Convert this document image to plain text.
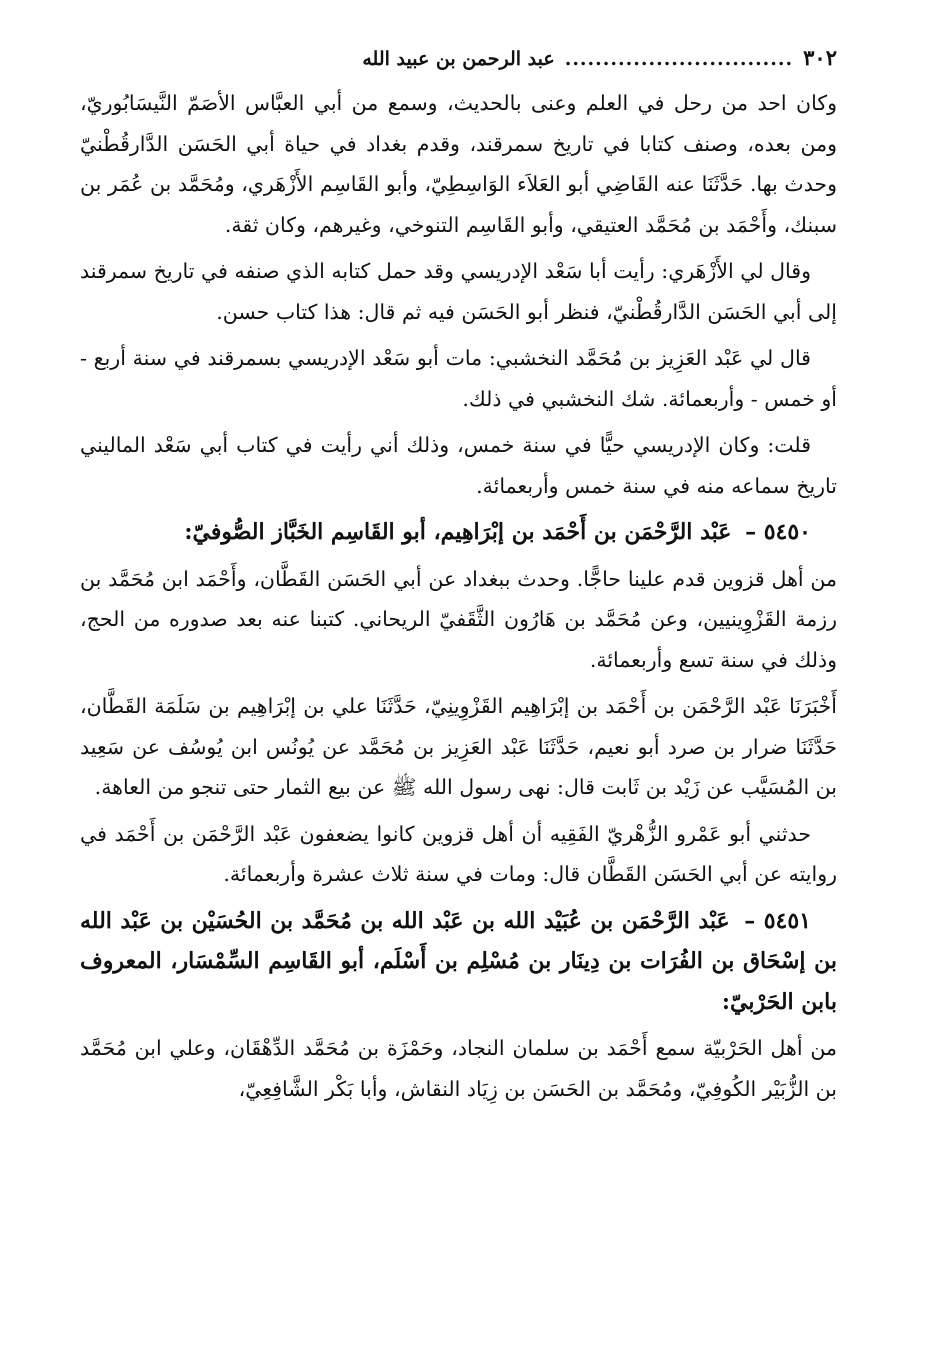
٣٠٢
..............................
عبد الرحمن بن عبيد الله

وكان احد من رحل في العلم وعنى بالحديث، وسمع من أبي العبَّاس الأصَمّ النَّيسَابُوريّ، ومن بعده، وصنف كتابا في تاريخ سمرقند، وقدم بغداد في حياة أبي الحَسَن الدَّارقُطْنيّ وحدث بها. حَدَّثَنَا عنه القَاضِي أبو العَلاَء الوَاسِطِيّ، وأبو القَاسِم الأَزْهَري، ومُحَمَّد بن عُمَر بن سبنك، وأَحْمَد بن مُحَمَّد العتيقي، وأبو القَاسِم التنوخي، وغيرهم، وكان ثقة.

وقال لي الأَزْهَري: رأيت أبا سَعْد الإدريسي وقد حمل كتابه الذي صنفه في تاريخ سمرقند إلى أبي الحَسَن الدَّارقُطْنيّ، فنظر أبو الحَسَن فيه ثم قال: هذا كتاب حسن.

قال لي عَبْد العَزِيز بن مُحَمَّد النخشبي: مات أبو سَعْد الإدريسي بسمرقند في سنة أربع - أو خمس - وأربعمائة. شك النخشبي في ذلك.

قلت: وكان الإدريسي حيًّا في سنة خمس، وذلك أني رأيت في كتاب أبي سَعْد الماليني تاريخ سماعه منه في سنة خمس وأربعمائة.

٥٤٥٠ – عَبْد الرَّحْمَن بن أَحْمَد بن إبْرَاهِيم، أبو القَاسِم الخَبَّاز الصُّوفيّ:

من أهل قزوين قدم علينا حاجًّا. وحدث ببغداد عن أبي الحَسَن القَطَّان، وأَحْمَد ابن مُحَمَّد بن رزمة القَزْوِينيين، وعن مُحَمَّد بن هَارُون الثَّقَفيّ الريحاني. كتبنا عنه بعد صدوره من الحج، وذلك في سنة تسع وأربعمائة.

أَخْبَرَنَا عَبْد الرَّحْمَن بن أَحْمَد بن إبْرَاهِيم القَزْوِينِيّ، حَدَّثَنَا علي بن إبْرَاهِيم بن سَلَمَة القَطَّان، حَدَّثَنَا ضرار بن صرد أبو نعيم، حَدَّثَنَا عَبْد العَزِيز بن مُحَمَّد عن يُونُس ابن يُوسُف عن سَعِيد بن المُسَيَّب عن زَيْد بن ثَابت قال: نهى رسول الله ﷺ عن بيع الثمار حتى تنجو من العاهة.

حدثني أبو عَمْرو الزُّهْريّ الفَقِيه أن أهل قزوين كانوا يضعفون عَبْد الرَّحْمَن بن أَحْمَد في روايته عن أبي الحَسَن القَطَّان قال: ومات في سنة ثلاث عشرة وأربعمائة.

٥٤٥١ – عَبْد الرَّحْمَن بن عُبَيْد الله بن عَبْد الله بن مُحَمَّد بن الحُسَيْن بن عَبْد الله بن إسْحَاق بن الفُرَات بن دِينَار بن مُسْلِم بن أَسْلَم، أبو القَاسِم السِّمْسَار، المعروف بابن الحَرْبيّ:

من أهل الحَرْبيّة سمع أَحْمَد بن سلمان النجاد، وحَمْزَة بن مُحَمَّد الدِّهْقَان، وعلي ابن مُحَمَّد بن الزُّبَيْر الكُوفِيّ، ومُحَمَّد بن الحَسَن بن زِيَاد النقاش، وأبا بَكْر الشَّافِعِيّ،
